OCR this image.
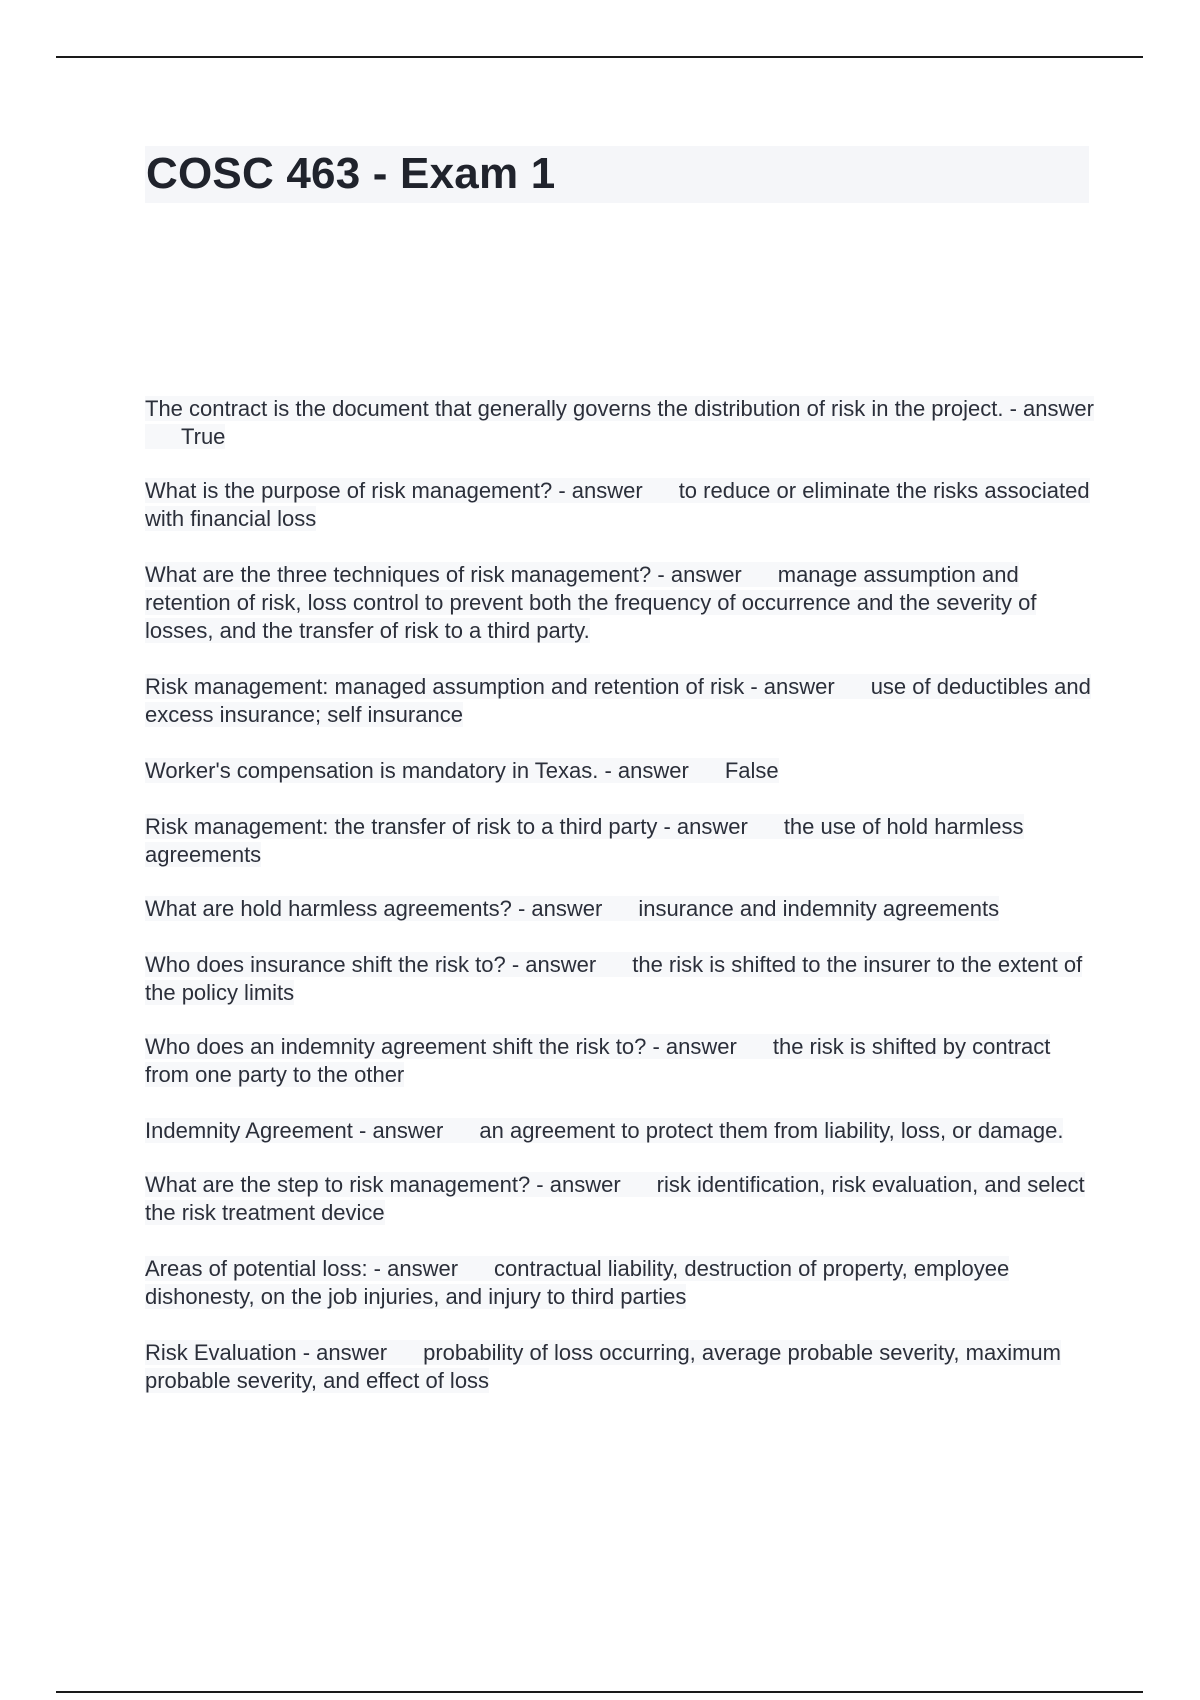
COSC 463 - Exam 1
The contract is the document that generally governs the distribution of risk in the project. - answerTrue
What is the purpose of risk management? - answer to reduce or eliminate the risks associated with financial loss
What are the three techniques of risk management? - answer manage assumption and retention of risk, loss control to prevent both the frequency of occurrence and the severity of losses, and the transfer of risk to a third party.
Risk management: managed assumption and retention of risk - answer use of deductibles and excess insurance; self insurance
Worker's compensation is mandatory in Texas. - answer False
Risk management: the transfer of risk to a third party - answer the use of hold harmless agreements
What are hold harmless agreements? - answer insurance and indemnity agreements
Who does insurance shift the risk to? - answer the risk is shifted to the insurer to the extent of the policy limits
Who does an indemnity agreement shift the risk to? - answer the risk is shifted by contract from one party to the other
Indemnity Agreement - answer an agreement to protect them from liability, loss, or damage.
What are the step to risk management? - answer risk identification, risk evaluation, and select the risk treatment device
Areas of potential loss: - answer contractual liability, destruction of property, employee dishonesty, on the job injuries, and injury to third parties
Risk Evaluation - answer probability of loss occurring, average probable severity, maximum probable severity, and effect of loss
